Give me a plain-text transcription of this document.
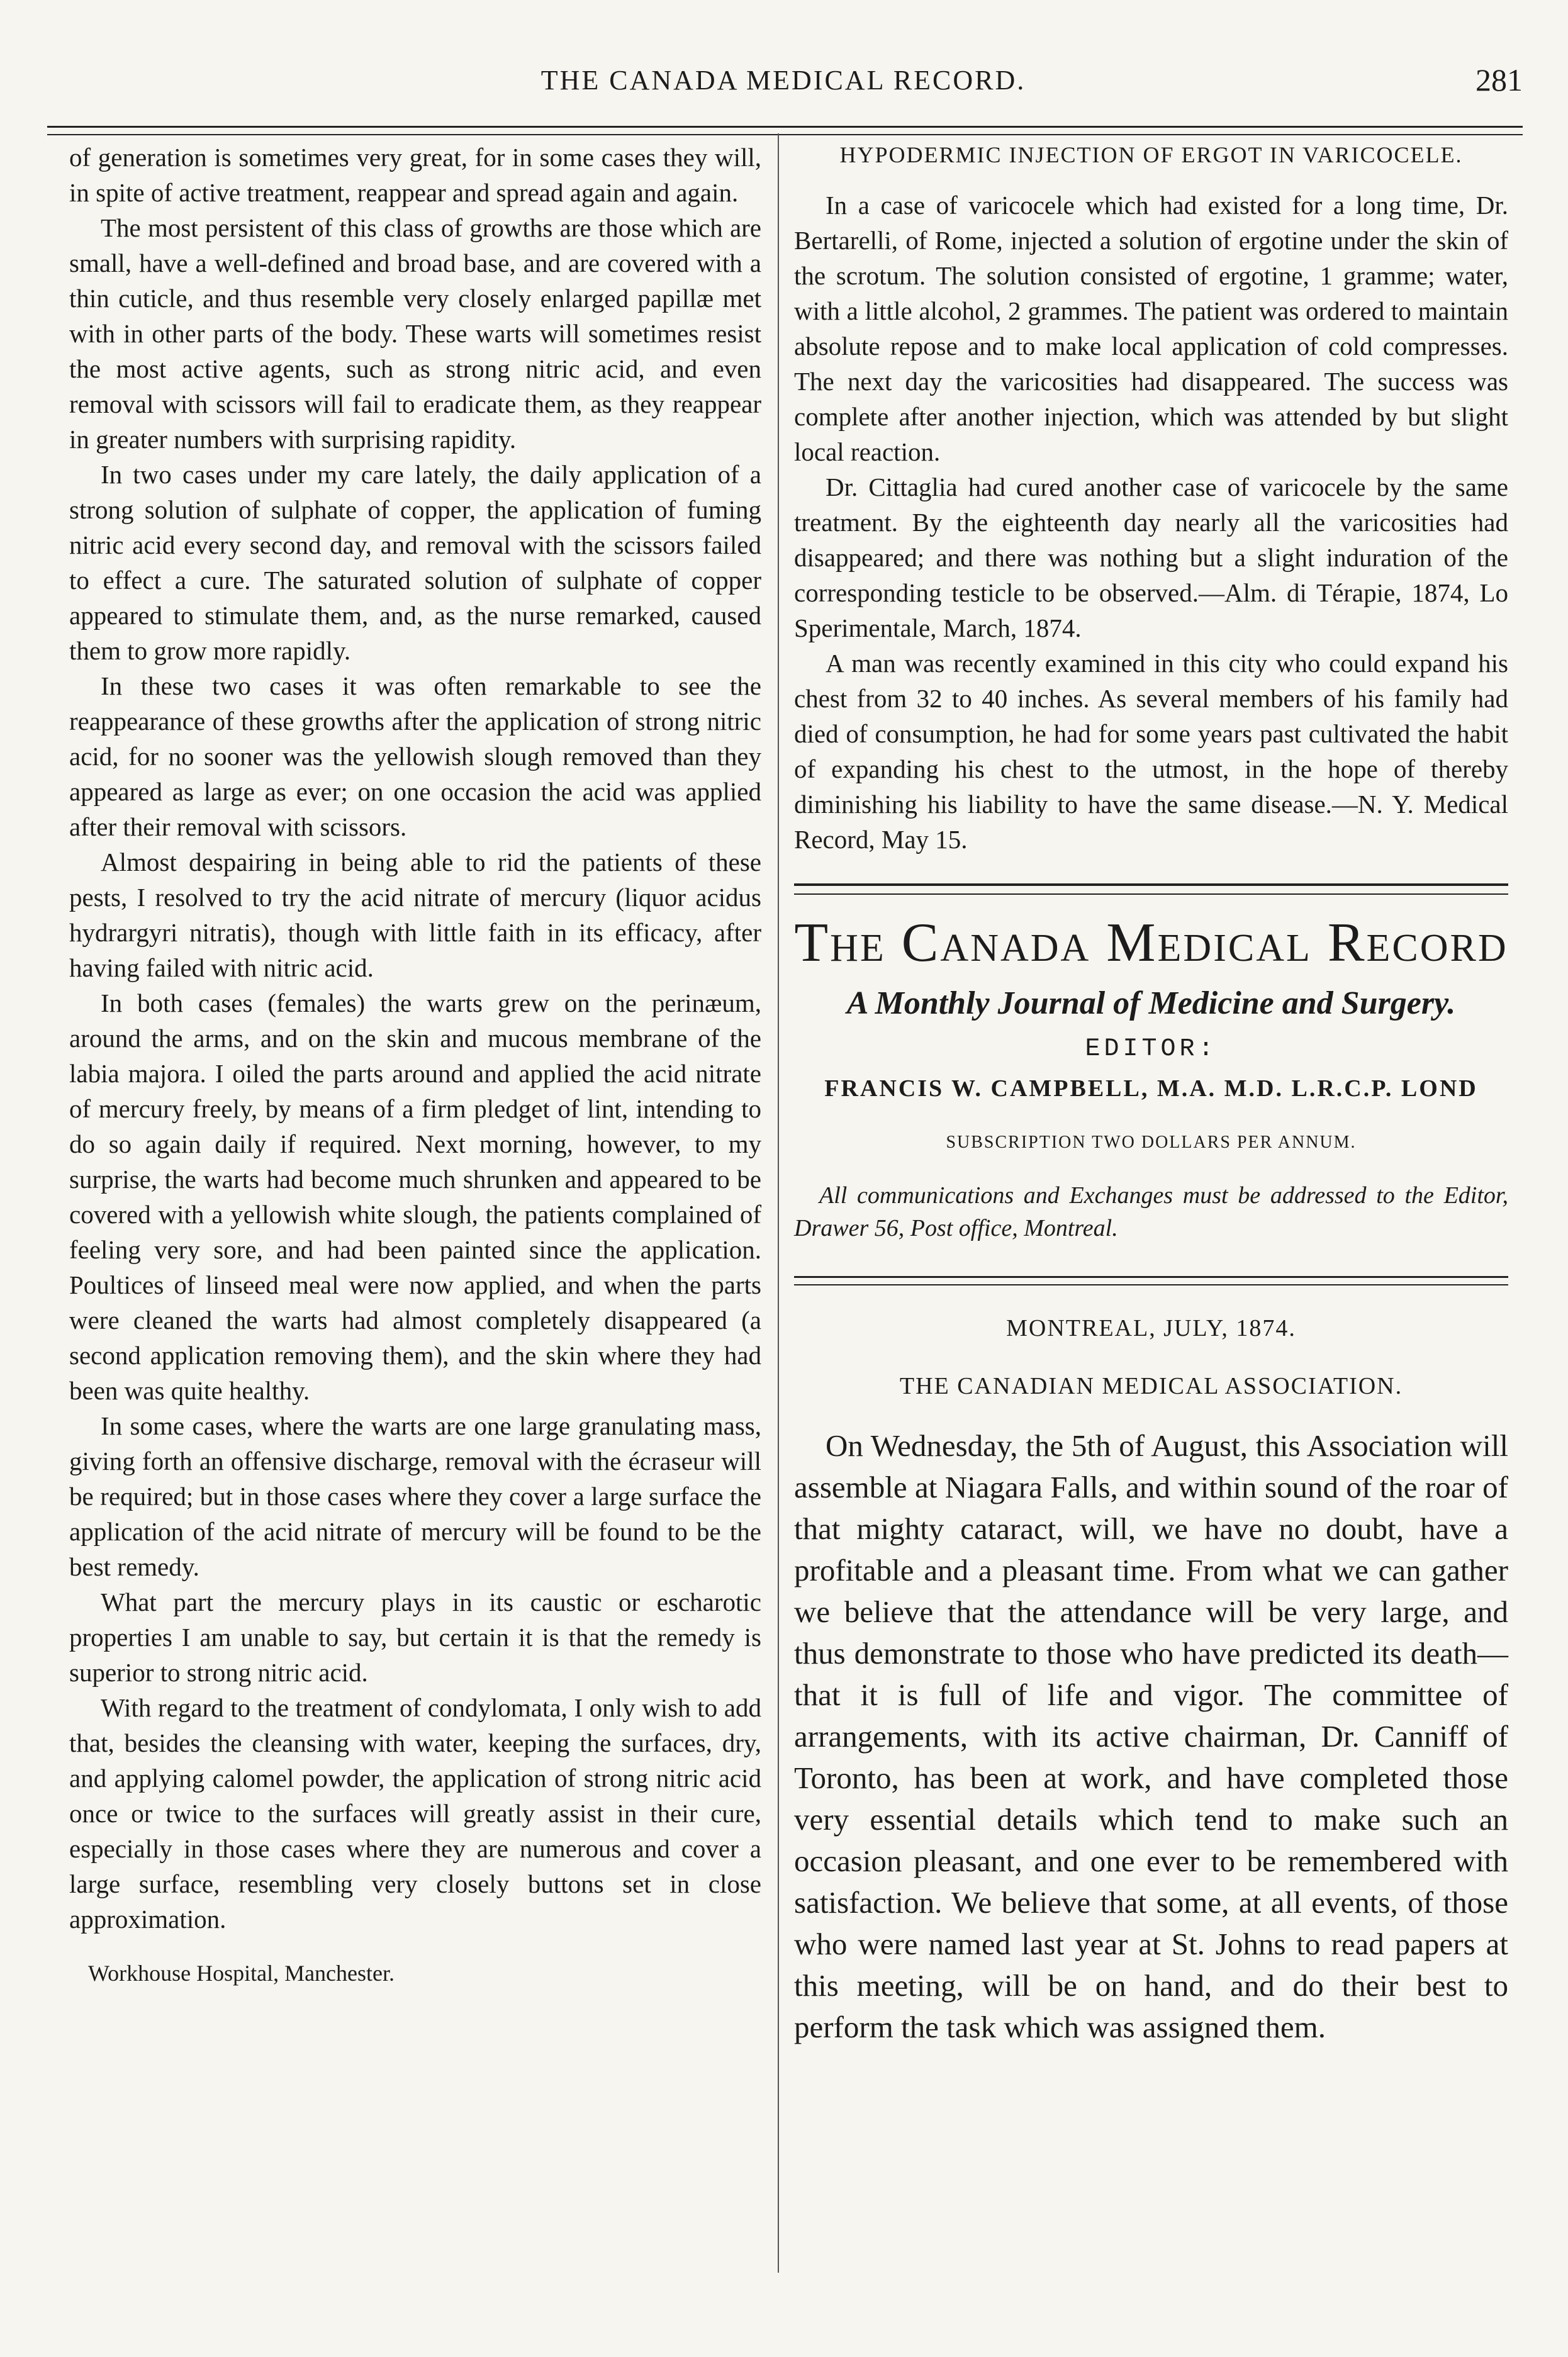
THE CANADA MEDICAL RECORD.	281

of generation is sometimes very great, for in some cases they will, in spite of active treatment, reappear and spread again and again.

The most persistent of this class of growths are those which are small, have a well-defined and broad base, and are covered with a thin cuticle, and thus resemble very closely enlarged papillæ met with in other parts of the body. These warts will sometimes resist the most active agents, such as strong nitric acid, and even removal with scissors will fail to eradicate them, as they reappear in greater numbers with surprising rapidity.

In two cases under my care lately, the daily application of a strong solution of sulphate of copper, the application of fuming nitric acid every second day, and removal with the scissors failed to effect a cure. The saturated solution of sulphate of copper appeared to stimulate them, and, as the nurse remarked, caused them to grow more rapidly.

In these two cases it was often remarkable to see the reappearance of these growths after the application of strong nitric acid, for no sooner was the yellowish slough removed than they appeared as large as ever; on one occasion the acid was applied after their removal with scissors.

Almost despairing in being able to rid the patients of these pests, I resolved to try the acid nitrate of mercury (liquor acidus hydrargyri nitratis), though with little faith in its efficacy, after having failed with nitric acid.

In both cases (females) the warts grew on the perinæum, around the arms, and on the skin and mucous membrane of the labia majora. I oiled the parts around and applied the acid nitrate of mercury freely, by means of a firm pledget of lint, intending to do so again daily if required. Next morning, however, to my surprise, the warts had become much shrunken and appeared to be covered with a yellowish white slough, the patients complained of feeling very sore, and had been painted since the application. Poultices of linseed meal were now applied, and when the parts were cleaned the warts had almost completely disappeared (a second application removing them), and the skin where they had been was quite healthy.

In some cases, where the warts are one large granulating mass, giving forth an offensive discharge, removal with the écraseur will be required; but in those cases where they cover a large surface the application of the acid nitrate of mercury will be found to be the best remedy.

What part the mercury plays in its caustic or escharotic properties I am unable to say, but certain it is that the remedy is superior to strong nitric acid.

With regard to the treatment of condylomata, I only wish to add that, besides the cleansing with water, keeping the surfaces, dry, and applying calomel powder, the application of strong nitric acid once or twice to the surfaces will greatly assist in their cure, especially in those cases where they are numerous and cover a large surface, resembling very closely buttons set in close approximation.

Workhouse Hospital, Manchester.
HYPODERMIC INJECTION OF ERGOT IN VARICOCELE.

In a case of varicocele which had existed for a long time, Dr. Bertarelli, of Rome, injected a solution of ergotine under the skin of the scrotum. The solution consisted of ergotine, 1 gramme; water, with a little alcohol, 2 grammes. The patient was ordered to maintain absolute repose and to make local application of cold compresses. The next day the varicosities had disappeared. The success was complete after another injection, which was attended by but slight local reaction.

Dr. Cittaglia had cured another case of varicocele by the same treatment. By the eighteenth day nearly all the varicosities had disappeared; and there was nothing but a slight induration of the corresponding testicle to be observed.—Alm. di Térapie, 1874, Lo Sperimentale, March, 1874.

A man was recently examined in this city who could expand his chest from 32 to 40 inches. As several members of his family had died of consumption, he had for some years past cultivated the habit of expanding his chest to the utmost, in the hope of thereby diminishing his liability to have the same disease.—N. Y. Medical Record, May 15.

The Canada Medical Record
A Monthly Journal of Medicine and Surgery.
EDITOR:
FRANCIS W. CAMPBELL, M.A. M.D. L.R.C.P. LOND
SUBSCRIPTION TWO DOLLARS PER ANNUM.
All communications and Exchanges must be addressed to the Editor, Drawer 56, Post office, Montreal.
MONTREAL, JULY, 1874.
THE CANADIAN MEDICAL ASSOCIATION.

On Wednesday, the 5th of August, this Association will assemble at Niagara Falls, and within sound of the roar of that mighty cataract, will, we have no doubt, have a profitable and a pleasant time. From what we can gather we believe that the attendance will be very large, and thus demonstrate to those who have predicted its death—that it is full of life and vigor. The committee of arrangements, with its active chairman, Dr. Canniff of Toronto, has been at work, and have completed those very essential details which tend to make such an occasion pleasant, and one ever to be remembered with satisfaction. We believe that some, at all events, of those who were named last year at St. Johns to read papers at this meeting, will be on hand, and do their best to perform the task which was assigned them.
